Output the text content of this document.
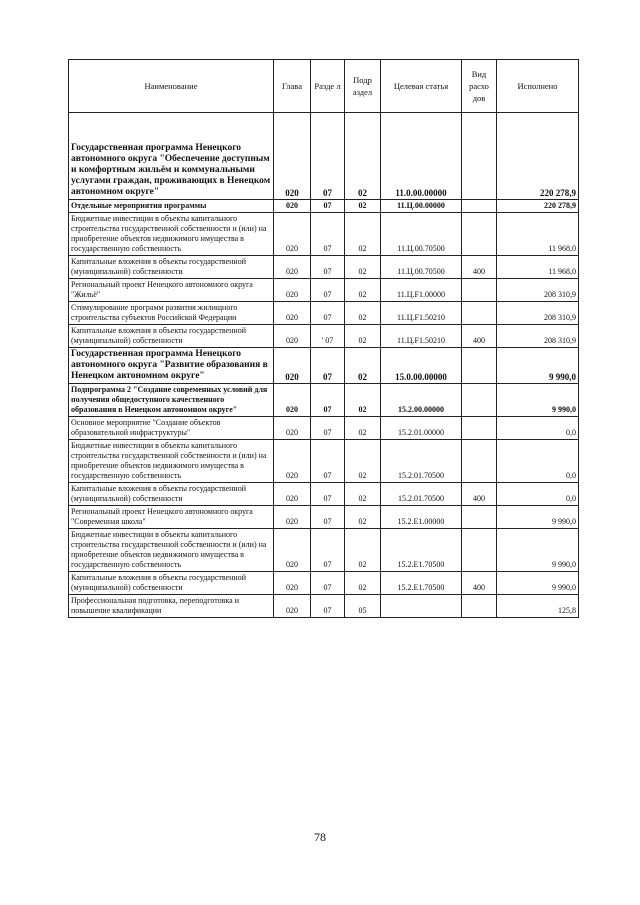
Наименование	Глава	Разде л	Подр аздел	Целевая статья	Вид расхо дов	Исполнено
Государственная программа Ненецкого автономного округа "Обеспечение доступным и комфортным жильём и коммунальными услугами граждан, проживающих в Ненецком автономном округе"	020	07	02	11.0.00.00000		220 278,9
Отдельные мероприятия программы	020	07	02	11.Ц.00.00000		220 278,9
Бюджетные инвестиции в объекты капитального строительства государственной собственности и (или) на приобретение объектов недвижимого имущества в государственную собственность	020	07	02	11.Ц.00.70500		11 968,0
Капитальные вложения в объекты государственной (муниципальной) собственности	020	07	02	11.Ц.00.70500	400	11 968,0
Региональный проект Ненецкого автономного округа "Жильё"	020	07	02	11.Ц.F1.00000		208 310,9
Стимулирование программ развития жилищного строительства субъектов Российской Федерации	020	07	02	11.Ц.F1.50210		208 310,9
Капитальные вложения в объекты государственной (муниципальной) собственности	020	' 07	02	11.Ц.F1.50210	400	208 310,9
Государственная программа Ненецкого автономного округа "Развитие образования в Ненецком автономном округе"	020	07	02	15.0.00.00000		9 990,0
Подпрограмма 2 "Создание современных условий для получения общедоступного качественного образования в Ненецком автономном округе"	020	07	02	15.2.00.00000		9 990,0
Основное мероприятие "Создание объектов образовательной инфраструктуры"	020	07	02	15.2.01.00000		0,0
Бюджетные инвестиции в объекты капитального строительства государственной собственности и (или) на приобретение объектов недвижимого имущества в государственную собственность	020	07	02	15.2.01.70500		0,0
Капитальные вложения в объекты государственной (муниципальной) собственности	020	07	02	15.2.01.70500	400	0,0
Региональный проект Ненецкого автономного округа "Современная школа"	020	07	02	15.2.E1.00000		9 990,0
Бюджетные инвестиции в объекты капитального строительства государственной собственности и (или) на приобретение объектов недвижимого имущества в государственную собственность	020	07	02	15.2.E1.70500		9 990,0
Капитальные вложения в объекты государственной (муниципальной) собственности	020	07	02	15.2.E1.70500	400	9 990,0
Профессиональная подготовка, переподготовка и повышение квалификации	020	07	05			125,8
78
